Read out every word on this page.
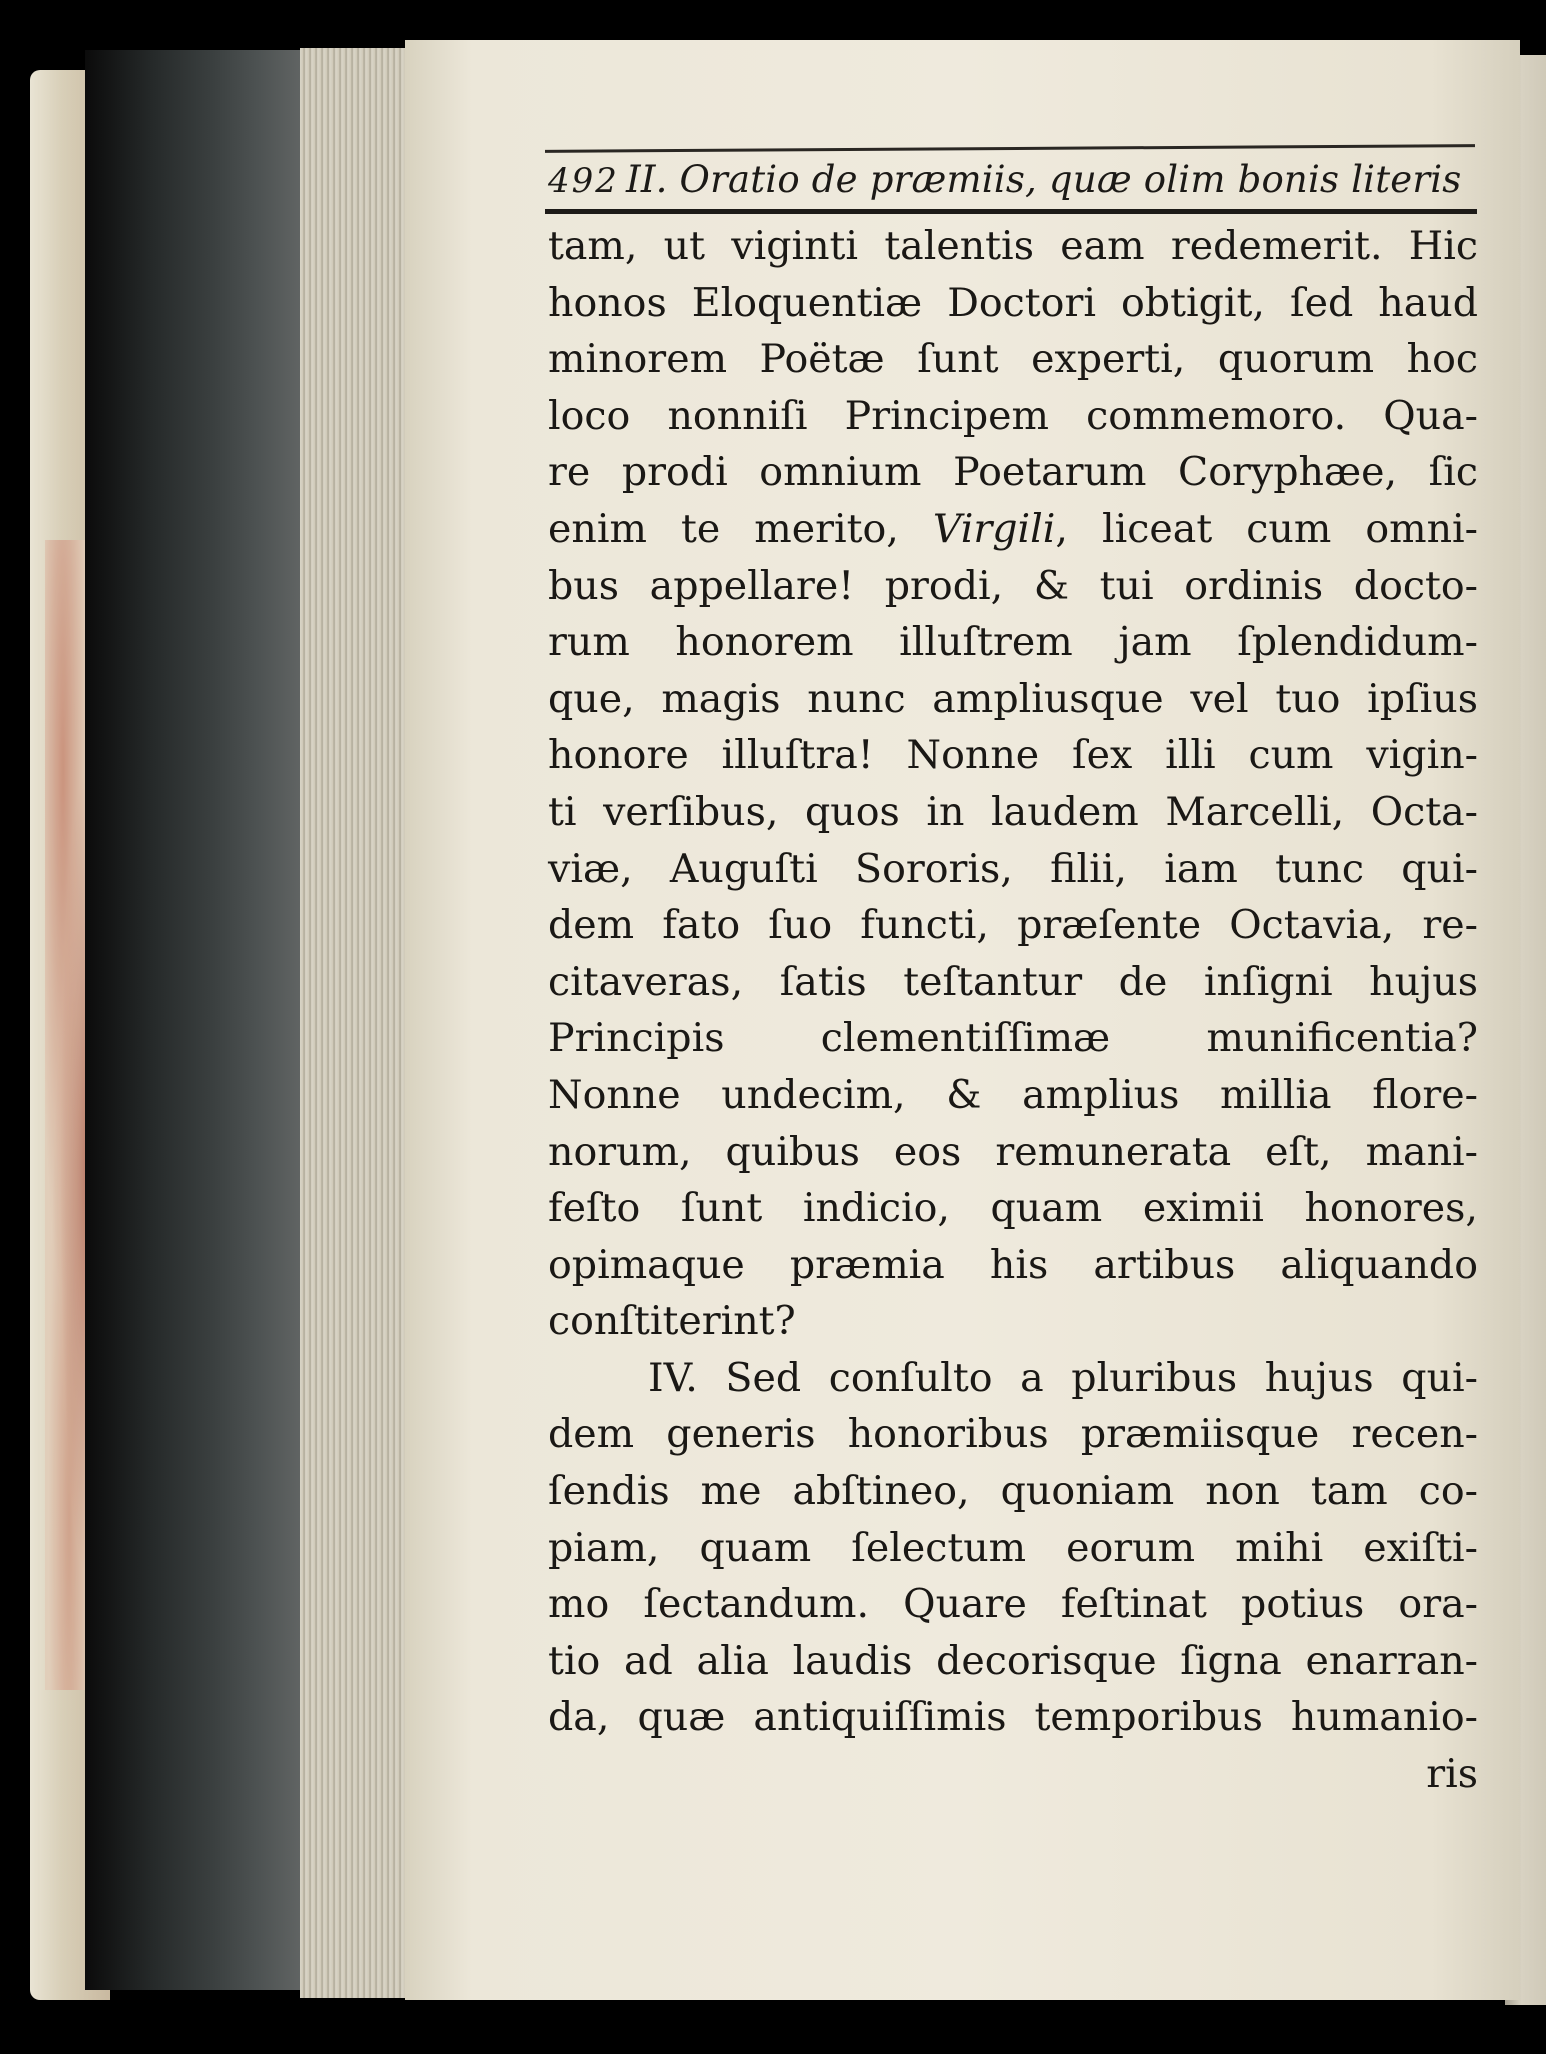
492 II. Oratio de præmiis, quæ olim bonis literis
tam, ut viginti talentis eam redemerit. Hic
honos Eloquentiæ Doctori obtigit, ſed haud
minorem Poëtæ ſunt experti, quorum hoc
loco nonniſi Principem commemoro. Qua-
re prodi omnium Poetarum Coryphæe, ſic
enim te merito, Virgili, liceat cum omni-
bus appellare! prodi, & tui ordinis docto-
rum honorem illuſtrem jam ſplendidum-
que, magis nunc ampliusque vel tuo ipſius
honore illuſtra! Nonne ſex illi cum vigin-
ti verſibus, quos in laudem Marcelli, Octa-
viæ, Auguſti Sororis, filii, iam tunc qui-
dem fato ſuo functi, præſente Octavia, re-
citaveras, ſatis teſtantur de inſigni hujus
Principis clementiſſimæ munificentia?
Nonne undecim, & amplius millia flore-
norum, quibus eos remunerata eſt, mani-
feſto ſunt indicio, quam eximii honores,
opimaque præmia his artibus aliquando
conſtiterint?
IV. Sed conſulto a pluribus hujus qui-
dem generis honoribus præmiisque recen-
ſendis me abſtineo, quoniam non tam co-
piam, quam ſelectum eorum mihi exiſti-
mo ſectandum. Quare feſtinat potius ora-
tio ad alia laudis decorisque ſigna enarran-
da, quæ antiquiſſimis temporibus humanio-
ris
